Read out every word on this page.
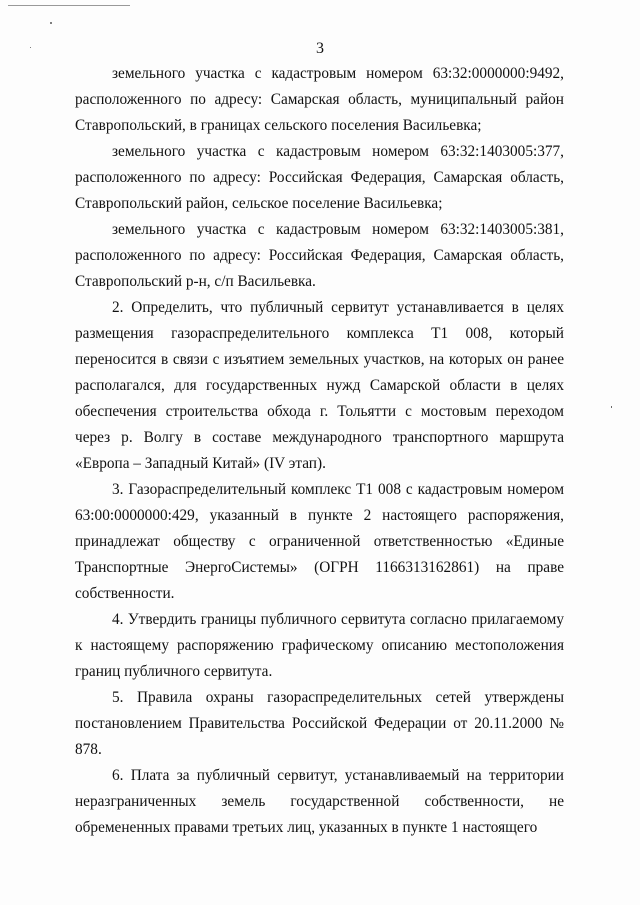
3

земельного участка с кадастровым номером 63:32:0000000:9492, расположенного по адресу: Самарская область, муниципальный район Ставропольский, в границах сельского поселения Васильевка;

земельного участка с кадастровым номером 63:32:1403005:377, расположенного по адресу: Российская Федерация, Самарская область, Ставропольский район, сельское поселение Васильевка;

земельного участка с кадастровым номером 63:32:1403005:381, расположенного по адресу: Российская Федерация, Самарская область, Ставропольский р-н, с/п Васильевка.

2. Определить, что публичный сервитут устанавливается в целях размещения газораспределительного комплекса Т1 008, который переносится в связи с изъятием земельных участков, на которых он ранее располагался, для государственных нужд Самарской области в целях обеспечения строительства обхода г. Тольятти с мостовым переходом через р. Волгу в составе международного транспортного маршрута «Европа – Западный Китай» (IV этап).

3. Газораспределительный комплекс Т1 008 с кадастровым номером 63:00:0000000:429, указанный в пункте 2 настоящего распоряжения, принадлежат обществу с ограниченной ответственностью «Единые Транспортные ЭнергоСистемы» (ОГРН 1166313162861) на праве собственности.

4. Утвердить границы публичного сервитута согласно прилагаемому к настоящему распоряжению графическому описанию местоположения границ публичного сервитута.

5. Правила охраны газораспределительных сетей утверждены постановлением Правительства Российской Федерации от 20.11.2000 № 878.

6. Плата за публичный сервитут, устанавливаемый на территории неразграниченных земель государственной собственности, не обремененных правами третьих лиц, указанных в пункте 1 настоящего
